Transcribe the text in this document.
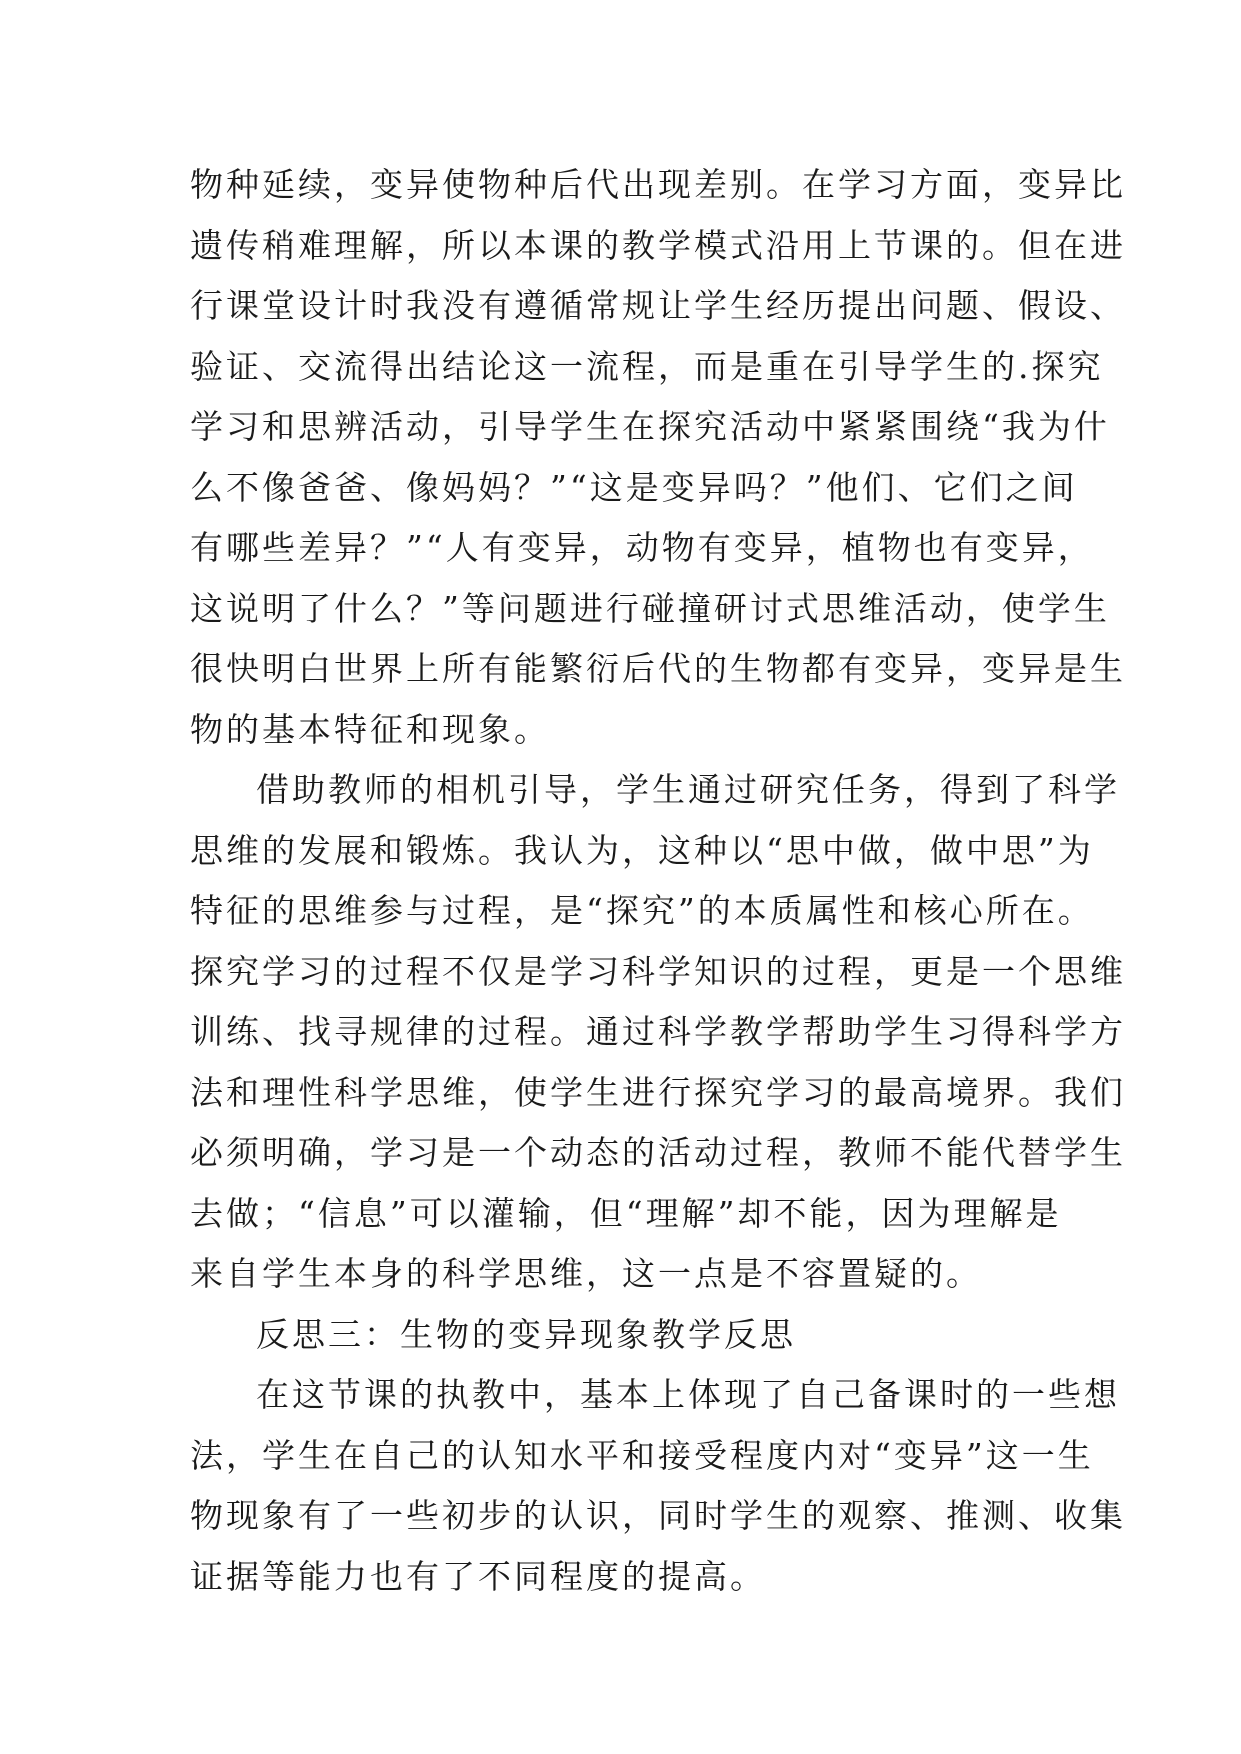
物种延续，变异使物种后代出现差别。在学习方面，变异比
遗传稍难理解，所以本课的教学模式沿用上节课的。但在进
行课堂设计时我没有遵循常规让学生经历提出问题、假设、
验证、交流得出结论这一流程，而是重在引导学生的.探究
学习和思辨活动，引导学生在探究活动中紧紧围绕“我为什
么不像爸爸、像妈妈？”“这是变异吗？”他们、它们之间
有哪些差异？”“人有变异，动物有变异，植物也有变异，
这说明了什么？”等问题进行碰撞研讨式思维活动，使学生
很快明白世界上所有能繁衍后代的生物都有变异，变异是生
物的基本特征和现象。
借助教师的相机引导，学生通过研究任务，得到了科学
思维的发展和锻炼。我认为，这种以“思中做，做中思”为
特征的思维参与过程，是“探究”的本质属性和核心所在。
探究学习的过程不仅是学习科学知识的过程，更是一个思维
训练、找寻规律的过程。通过科学教学帮助学生习得科学方
法和理性科学思维，使学生进行探究学习的最高境界。我们
必须明确，学习是一个动态的活动过程，教师不能代替学生
去做；“信息”可以灌输，但“理解”却不能，因为理解是
来自学生本身的科学思维，这一点是不容置疑的。
反思三：生物的变异现象教学反思
在这节课的执教中，基本上体现了自己备课时的一些想
法，学生在自己的认知水平和接受程度内对“变异”这一生
物现象有了一些初步的认识，同时学生的观察、推测、收集
证据等能力也有了不同程度的提高。
